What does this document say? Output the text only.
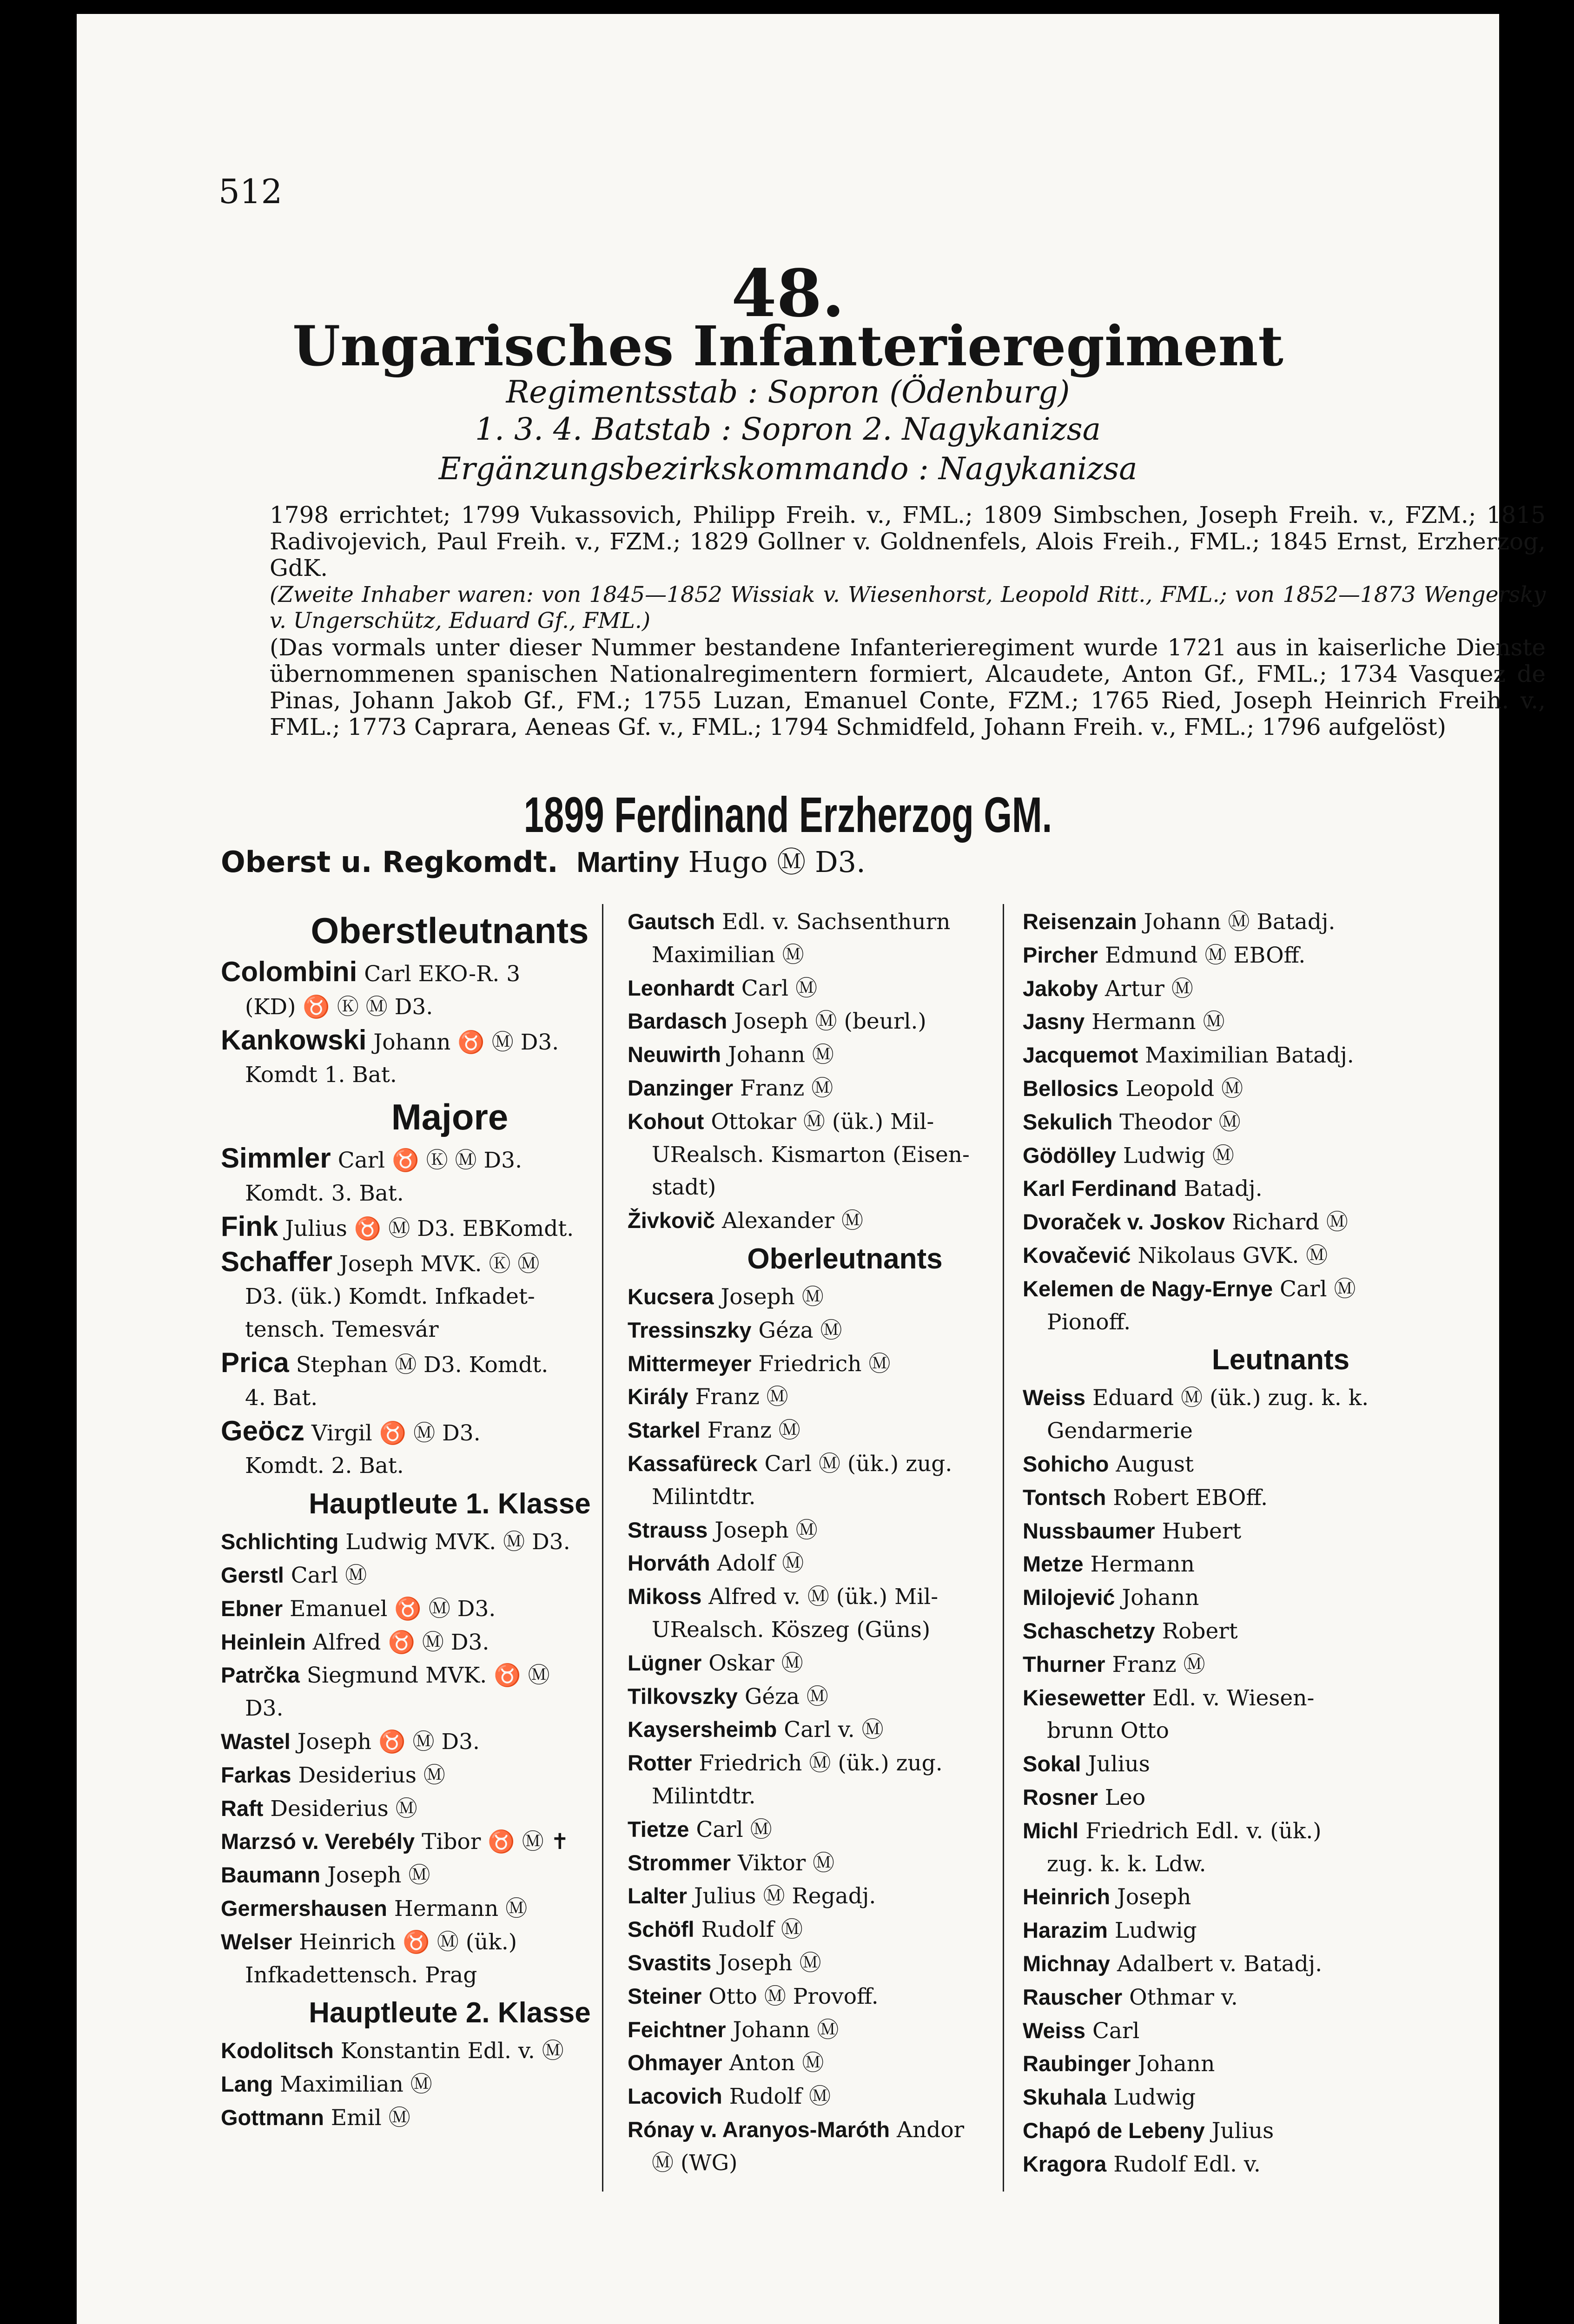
512
48.
Ungarisches Infanterieregiment
Regimentsstab : Sopron (Ödenburg)
1. 3. 4. Batstab : Sopron 2. Nagykanizsa
Ergänzungsbezirkskommando : Nagykanizsa
1798 errichtet; 1799 Vukassovich, Philipp Freih. v., FML.; 1809 Simbschen, Joseph Freih. v., FZM.; 1815 Radivojevich, Paul Freih. v., FZM.; 1829 Gollner v. Goldnenfels, Alois Freih., FML.; 1845 Ernst, Erzherzog, GdK.
(Zweite Inhaber waren: von 1845—1852 Wissiak v. Wiesenhorst, Leopold Ritt., FML.; von 1852—1873 Wengersky v. Ungerschütz, Eduard Gf., FML.)
(Das vormals unter dieser Nummer bestandene Infanterieregiment wurde 1721 aus in kaiserliche Dienste übernommenen spanischen Nationalregimentern formiert, Alcaudete, Anton Gf., FML.; 1734 Vasquez de Pinas, Johann Jakob Gf., FM.; 1755 Luzan, Emanuel Conte, FZM.; 1765 Ried, Joseph Heinrich Freih. v., FML.; 1773 Caprara, Aeneas Gf. v., FML.; 1794 Schmidfeld, Johann Freih. v., FML.; 1796 aufgelöst)
1899 Ferdinand Erzherzog GM.
Oberst u. Regkomdt. Martiny Hugo Ⓜ D3.
Oberstleutnants
Colombini Carl EKO-R. 3
(KD) ♉ Ⓚ Ⓜ D3.
Kankowski Johann ♉ Ⓜ D3.
Komdt 1. Bat.
Majore
Simmler Carl ♉ Ⓚ Ⓜ D3.
Komdt. 3. Bat.
Fink Julius ♉ Ⓜ D3. EBKomdt.
Schaffer Joseph MVK. Ⓚ Ⓜ
D3. (ük.) Komdt. Infkadet-
tensch. Temesvár
Prica Stephan Ⓜ D3. Komdt.
4. Bat.
Geöcz Virgil ♉ Ⓜ D3.
Komdt. 2. Bat.
Hauptleute 1. Klasse
Schlichting Ludwig MVK. Ⓜ D3.
Gerstl Carl Ⓜ
Ebner Emanuel ♉ Ⓜ D3.
Heinlein Alfred ♉ Ⓜ D3.
Patrčka Siegmund MVK. ♉ Ⓜ
D3.
Wastel Joseph ♉ Ⓜ D3.
Farkas Desiderius Ⓜ
Raft Desiderius Ⓜ
Marzsó v. Verebély Tibor ♉ Ⓜ ✝
Baumann Joseph Ⓜ
Germershausen Hermann Ⓜ
Welser Heinrich ♉ Ⓜ (ük.)
Infkadettensch. Prag
Hauptleute 2. Klasse
Kodolitsch Konstantin Edl. v. Ⓜ
Lang Maximilian Ⓜ
Gottmann Emil Ⓜ
Gautsch Edl. v. Sachsenthurn
Maximilian Ⓜ
Leonhardt Carl Ⓜ
Bardasch Joseph Ⓜ (beurl.)
Neuwirth Johann Ⓜ
Danzinger Franz Ⓜ
Kohout Ottokar Ⓜ (ük.) Mil-
URealsch. Kismarton (Eisen-
stadt)
Živkovič Alexander Ⓜ
Oberleutnants
Kucsera Joseph Ⓜ
Tressinszky Géza Ⓜ
Mittermeyer Friedrich Ⓜ
Király Franz Ⓜ
Starkel Franz Ⓜ
Kassafüreck Carl Ⓜ (ük.) zug.
Milintdtr.
Strauss Joseph Ⓜ
Horváth Adolf Ⓜ
Mikoss Alfred v. Ⓜ (ük.) Mil-
URealsch. Köszeg (Güns)
Lügner Oskar Ⓜ
Tilkovszky Géza Ⓜ
Kaysersheimb Carl v. Ⓜ
Rotter Friedrich Ⓜ (ük.) zug.
Milintdtr.
Tietze Carl Ⓜ
Strommer Viktor Ⓜ
Lalter Julius Ⓜ Regadj.
Schöfl Rudolf Ⓜ
Svastits Joseph Ⓜ
Steiner Otto Ⓜ Provoff.
Feichtner Johann Ⓜ
Ohmayer Anton Ⓜ
Lacovich Rudolf Ⓜ
Rónay v. Aranyos-Maróth Andor
Ⓜ (WG)
Reisenzain Johann Ⓜ Batadj.
Pircher Edmund Ⓜ EBOff.
Jakoby Artur Ⓜ
Jasny Hermann Ⓜ
Jacquemot Maximilian Batadj.
Bellosics Leopold Ⓜ
Sekulich Theodor Ⓜ
Gödöllеy Ludwig Ⓜ
Karl Ferdinand Batadj.
Dvoraček v. Joskov Richard Ⓜ
Kovačević Nikolaus GVK. Ⓜ
Kelemen de Nagy-Ernye Carl Ⓜ
Pionoff.
Leutnants
Weiss Eduard Ⓜ (ük.) zug. k. k.
Gendarmerie
Sohicho August
Tontsch Robert EBOff.
Nussbaumer Hubert
Metze Hermann
Milojević Johann
Schaschetzy Robert
Thurner Franz Ⓜ
Kiesewetter Edl. v. Wiesen-
brunn Otto
Sokal Julius
Rosner Leo
Michl Friedrich Edl. v. (ük.)
zug. k. k. Ldw.
Heinrich Joseph
Harazim Ludwig
Michnay Adalbert v. Batadj.
Rauscher Othmar v.
Weiss Carl
Raubinger Johann
Skuhala Ludwig
Chapó de Lebeny Julius
Kragora Rudolf Edl. v.
